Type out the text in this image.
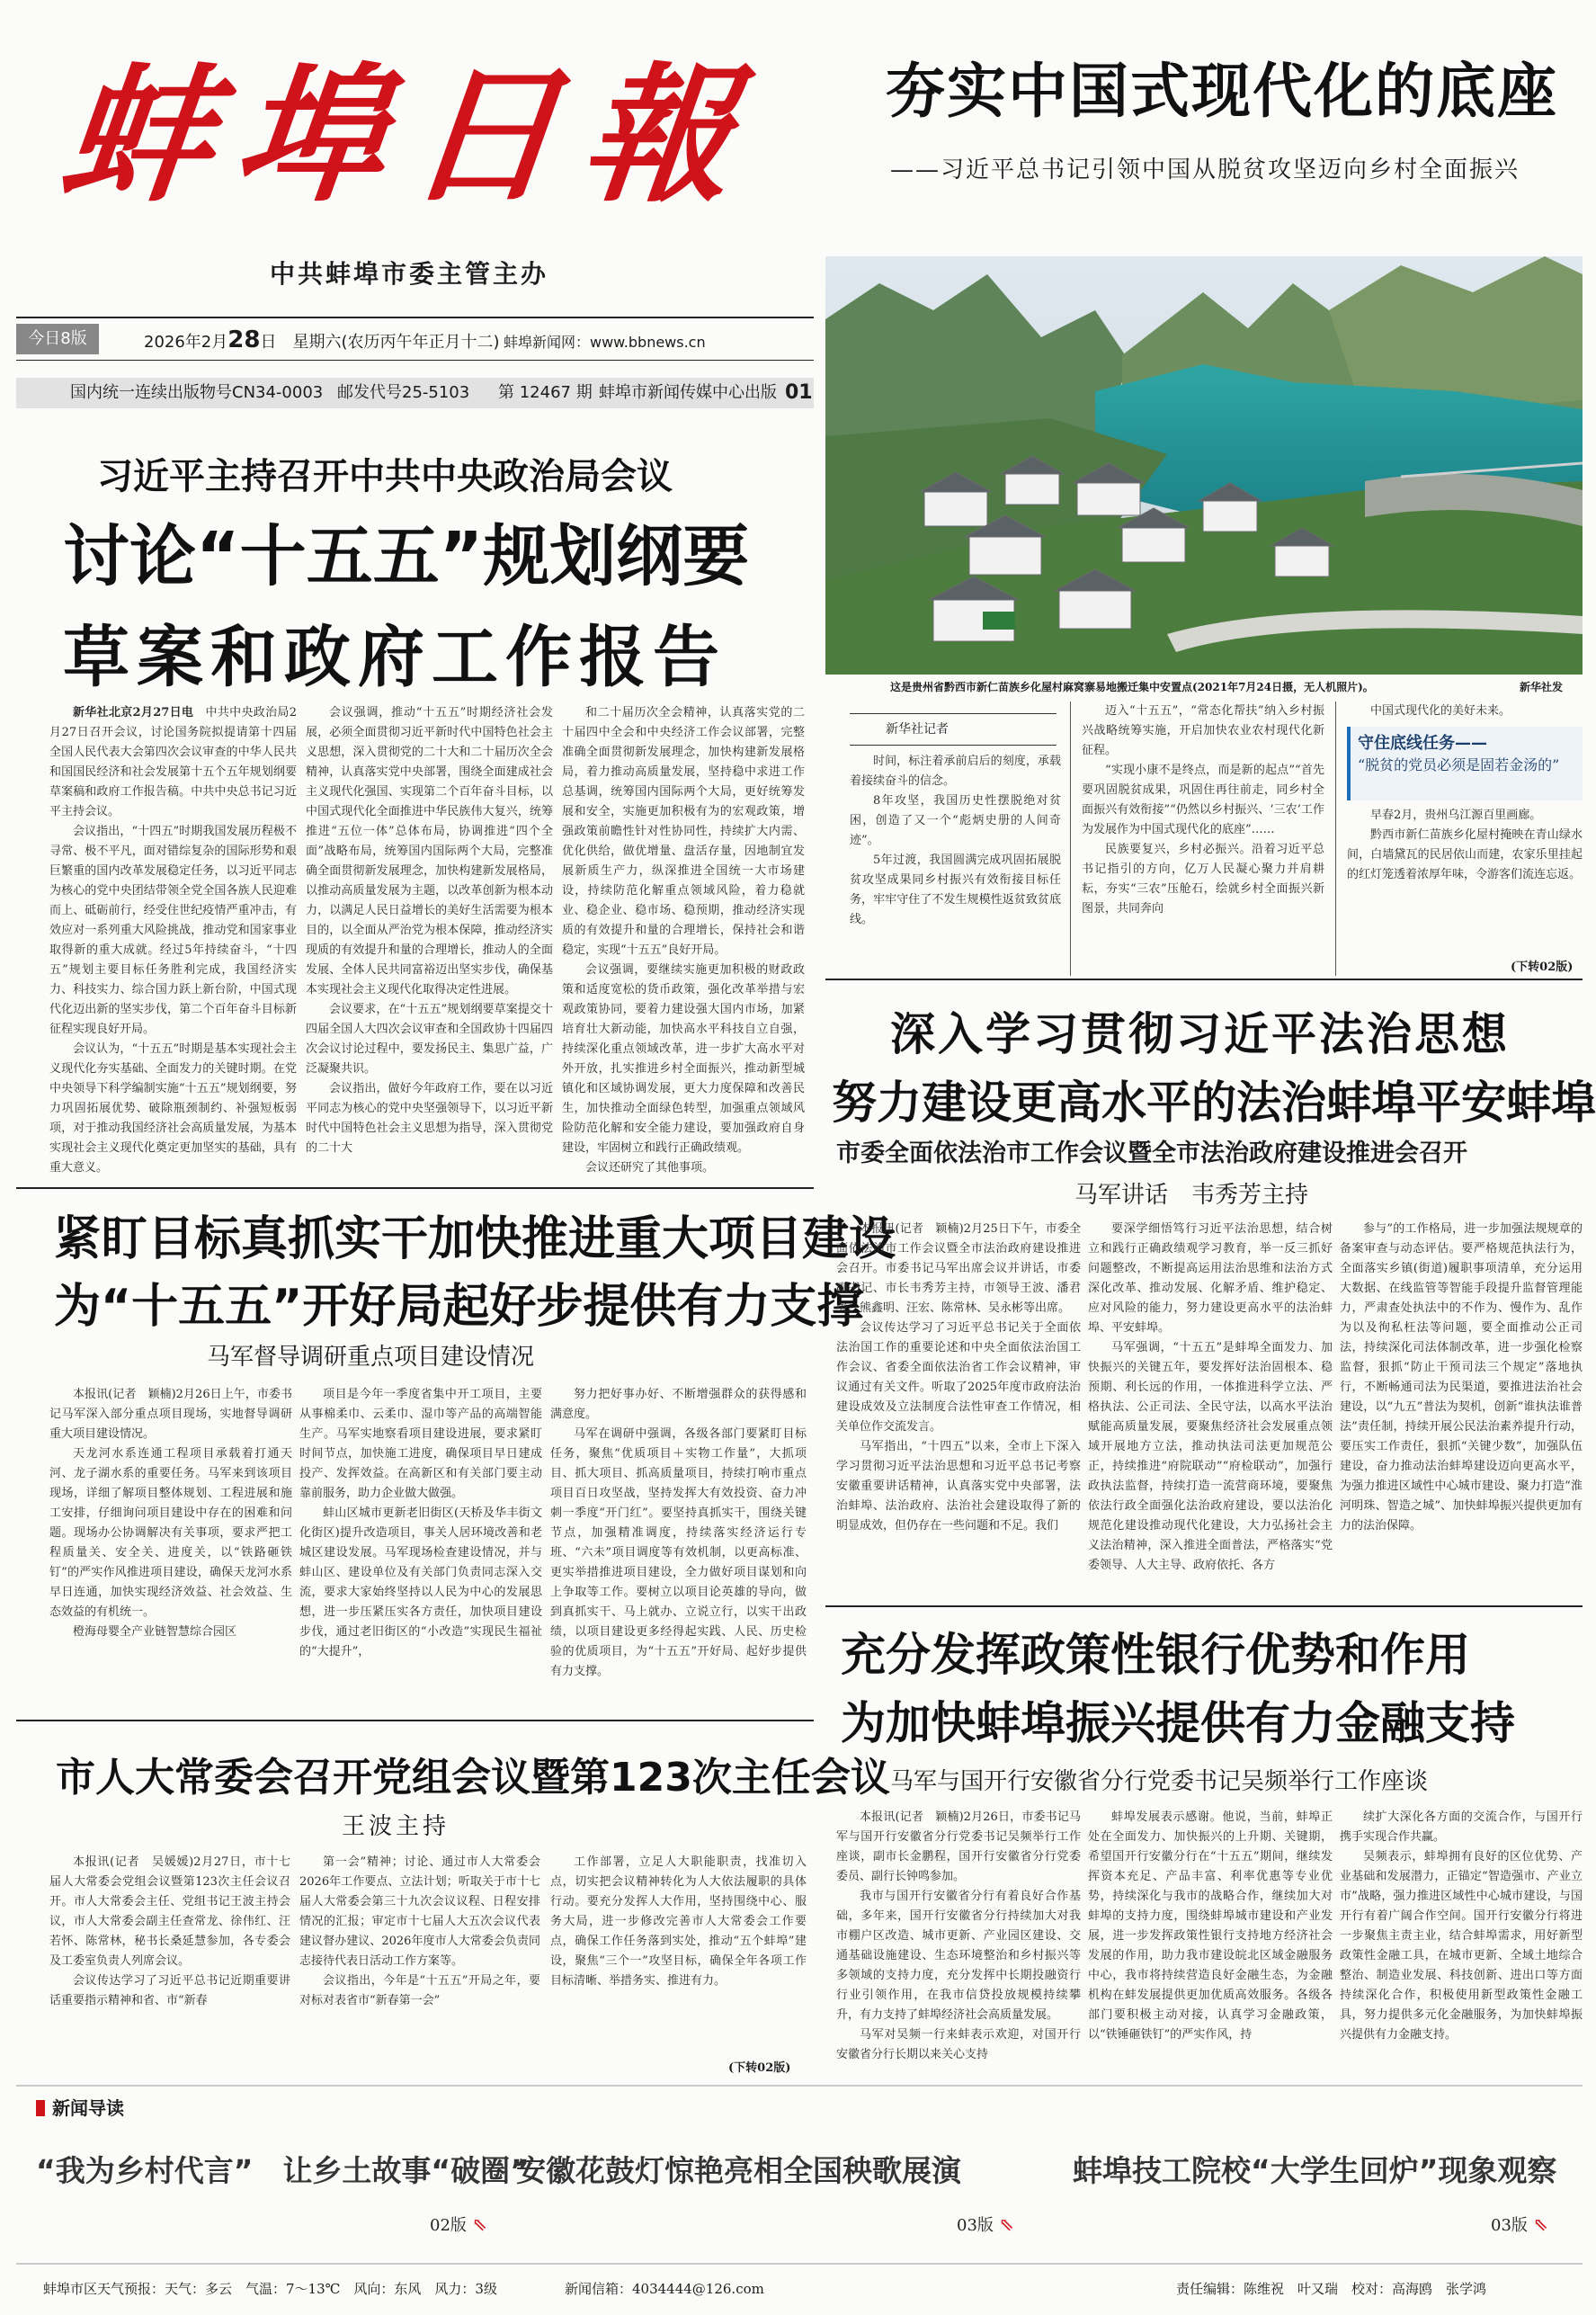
蚌埠日報
中共蚌埠市委主管主办
今日8版	2026年2月28日　星期六(农历丙午年正月十二) 蚌埠新闻网：www.bbnews.cn
国内统一连续出版物号CN34-0003 邮发代号25-5103 第 12467 期 蚌埠市新闻传媒中心出版 01
夯实中国式现代化的底座
——习近平总书记引领中国从脱贫攻坚迈向乡村全面振兴
这是贵州省黔西市新仁苗族乡化屋村麻窝寨易地搬迁集中安置点(2021年7月24日摄，无人机照片)。	新华社发
新华社记者

时间，标注着承前启后的刻度，承载着接续奋斗的信念。

8年攻坚，我国历史性摆脱绝对贫困，创造了又一个“彪炳史册的人间奇迹”。

5年过渡，我国圆满完成巩固拓展脱贫攻坚成果同乡村振兴有效衔接目标任务，牢牢守住了不发生规模性返贫致贫底线。

迈入“十五五”，“常态化帮扶”纳入乡村振兴战略统筹实施，开启加快农业农村现代化新征程。

“实现小康不是终点，而是新的起点”“首先要巩固脱贫成果，巩固住再往前走，同乡村全面振兴有效衔接”“仍然以乡村振兴、‘三农’工作为发展作为中国式现代化的底座”……

民族要复兴，乡村必振兴。沿着习近平总书记指引的方向，亿万人民凝心聚力并肩耕耘，夯实“三农”压舱石，绘就乡村全面振兴新图景，共同奔向

中国式现代化的美好未来。

守住底线任务——
“脱贫的党员必须是固若金汤的”

早春2月，贵州乌江源百里画廊。

黔西市新仁苗族乡化屋村掩映在青山绿水间，白墙黛瓦的民居依山而建，农家乐里挂起的红灯笼透着浓厚年味，令游客们流连忘返。

(下转02版)
习近平主持召开中共中央政治局会议
讨论“十五五”规划纲要
草案和政府工作报告

新华社北京2月27日电　 中共中央政治局2月27日召开会议，讨论国务院拟提请第十四届全国人民代表大会第四次会议审查的中华人民共和国国民经济和社会发展第十五个五年规划纲要草案稿和政府工作报告稿。中共中央总书记习近平主持会议。

会议指出，“十四五”时期我国发展历程极不寻常、极不平凡，面对错综复杂的国际形势和艰巨繁重的国内改革发展稳定任务，以习近平同志为核心的党中央团结带领全党全国各族人民迎难而上、砥砺前行，经受住世纪疫情严重冲击，有效应对一系列重大风险挑战，推动党和国家事业取得新的重大成就。经过5年持续奋斗，“十四五”规划主要目标任务胜利完成，我国经济实力、科技实力、综合国力跃上新台阶，中国式现代化迈出新的坚实步伐，第二个百年奋斗目标新征程实现良好开局。

会议认为，“十五五”时期是基本实现社会主义现代化夯实基础、全面发力的关键时期。在党中央领导下科学编制实施“十五五”规划纲要，努力巩固拓展优势、破除瓶颈制约、补强短板弱项，对于推动我国经济社会高质量发展，为基本实现社会主义现代化奠定更加坚实的基础，具有重大意义。

会议强调，推动“十五五”时期经济社会发展，必须全面贯彻习近平新时代中国特色社会主义思想，深入贯彻党的二十大和二十届历次全会精神，认真落实党中央部署，围绕全面建成社会主义现代化强国、实现第二个百年奋斗目标，以中国式现代化全面推进中华民族伟大复兴，统筹推进“五位一体”总体布局，协调推进“四个全面”战略布局，统筹国内国际两个大局，完整准确全面贯彻新发展理念，加快构建新发展格局，以推动高质量发展为主题，以改革创新为根本动力，以满足人民日益增长的美好生活需要为根本目的，以全面从严治党为根本保障，推动经济实现质的有效提升和量的合理增长，推动人的全面发展、全体人民共同富裕迈出坚实步伐，确保基本实现社会主义现代化取得决定性进展。

会议要求，在“十五五”规划纲要草案提交十四届全国人大四次会议审查和全国政协十四届四次会议讨论过程中，要发扬民主、集思广益，广泛凝聚共识。

会议指出，做好今年政府工作，要在以习近平同志为核心的党中央坚强领导下，以习近平新时代中国特色社会主义思想为指导，深入贯彻党的二十大

和二十届历次全会精神，认真落实党的二十届四中全会和中央经济工作会议部署，完整准确全面贯彻新发展理念，加快构建新发展格局，着力推动高质量发展，坚持稳中求进工作总基调，统筹国内国际两个大局，更好统筹发展和安全，实施更加积极有为的宏观政策，增强政策前瞻性针对性协同性，持续扩大内需、优化供给，做优增量、盘活存量，因地制宜发展新质生产力，纵深推进全国统一大市场建设，持续防范化解重点领域风险，着力稳就业、稳企业、稳市场、稳预期，推动经济实现质的有效提升和量的合理增长，保持社会和谐稳定，实现“十五五”良好开局。

会议强调，要继续实施更加积极的财政政策和适度宽松的货币政策，强化改革举措与宏观政策协同，要着力建设强大国内市场，加紧培育壮大新动能，加快高水平科技自立自强，持续深化重点领域改革，进一步扩大高水平对外开放，扎实推进乡村全面振兴，推动新型城镇化和区域协调发展，更大力度保障和改善民生，加快推动全面绿色转型，加强重点领域风险防范化解和安全能力建设，要加强政府自身建设，牢固树立和践行正确政绩观。

会议还研究了其他事项。

紧盯目标真抓实干加快推进重大项目建设
为“十五五”开好局起好步提供有力支撑
马军督导调研重点项目建设情况

本报讯(记者　颖楠)2月26日上午，市委书记马军深入部分重点项目现场，实地督导调研重大项目建设情况。

天龙河水系连通工程项目承载着打通天河、龙子湖水系的重要任务。马军来到该项目现场，详细了解项目整体规划、工程进展和施工安排，仔细询问项目建设中存在的困难和问题。现场办公协调解决有关事项，要求严把工程质量关、安全关、进度关，以“铁路砸铁钉”的严实作风推进项目建设，确保天龙河水系早日连通，加快实现经济效益、社会效益、生态效益的有机统一。

橙海母婴全产业链智慧综合园区

项目是今年一季度省集中开工项目，主要从事棉柔巾、云柔巾、湿巾等产品的高端智能生产。马军实地察看项目建设进展，要求紧盯时间节点，加快施工进度，确保项目早日建成投产、发挥效益。在高新区和有关部门要主动靠前服务，助力企业做大做强。

蚌山区城市更新老旧街区(天桥及华丰街文化街区)提升改造项目，事关人居环境改善和老城区建设发展。马军现场检查建设情况，并与蚌山区、建设单位及有关部门负责同志深入交流，要求大家始终坚持以人民为中心的发展思想，进一步压紧压实各方责任，加快项目建设步伐，通过老旧街区的“小改造”实现民生福祉的“大提升”，

努力把好事办好、不断增强群众的获得感和满意度。

马军在调研中强调，各级各部门要紧盯目标任务，聚焦“优质项目＋实物工作量”，大抓项目、抓大项目、抓高质量项目，持续打响市重点项目百日攻坚战，坚持发挥大有效投资、奋力冲刺一季度“开门红”。要坚持真抓实干，围绕关键节点，加强精准调度，持续落实经济运行专班、“六未”项目调度等有效机制，以更高标准、更实举措推进项目建设，全力做好项目谋划和向上争取等工作。要树立以项目论英雄的导向，做到真抓实干、马上就办、立说立行，以实干出政绩，以项目建设更多经得起实践、人民、历史检验的优质项目，为“十五五”开好局、起好步提供有力支撑。

市人大常委会召开党组会议暨第123次主任会议
王波主持

本报讯(记者　吴媛媛)2月27日，市十七届人大常委会党组会议暨第123次主任会议召开。市人大常委会主任、党组书记王波主持会议，市人大常委会副主任查常龙、徐伟红、汪若怀、陈常林，秘书长桑延慧参加，各专委会及工委室负责人列席会议。

会议传达学习了习近平总书记近期重要讲话重要指示精神和省、市“新春

第一会”精神；讨论、通过市人大常委会2026年工作要点、立法计划；听取关于市十七届人大常委会第三十九次会议议程、日程安排情况的汇报；审定市十七届人大五次会议代表建议督办建议、2026年度市人大常委会负责同志接待代表日活动工作方案等。

会议指出，今年是“十五五”开局之年，要对标对表省市“新春第一会”

工作部署，立足人大职能职责，找准切入点，切实把会议精神转化为人大依法履职的具体行动。要充分发挥人大作用，坚持围绕中心、服务大局，进一步修改完善市人大常委会工作要点，确保工作任务落到实处，推动“五个蚌埠”建设，聚焦“三个一”攻坚目标，确保全年各项工作目标清晰、举措务实、推进有力。

(下转02版)
深入学习贯彻习近平法治思想
努力建设更高水平的法治蚌埠平安蚌埠
市委全面依法治市工作会议暨全市法治政府建设推进会召开
马军讲话　韦秀芳主持

本报讯(记者　颖楠)2月25日下午，市委全面依法治市工作会议暨全市法治政府建设推进会召开。市委书记马军出席会议并讲话，市委副书记、市长韦秀芳主持，市领导王波、潘君关、熊鑫明、汪宏、陈常林、吴永彬等出席。

会议传达学习了习近平总书记关于全面依法治国工作的重要论述和中央全面依法治国工作会议、省委全面依法治省工作会议精神，审议通过有关文件。听取了2025年度市政府法治建设成效及立法制度合法性审查工作情况，相关单位作交流发言。

马军指出，“十四五”以来，全市上下深入学习贯彻习近平法治思想和习近平总书记考察安徽重要讲话精神，认真落实党中央部署，法治蚌埠、法治政府、法治社会建设取得了新的明显成效，但仍存在一些问题和不足。我们

要深学细悟笃行习近平法治思想，结合树立和践行正确政绩观学习教育，举一反三抓好问题整改，不断提高运用法治思维和法治方式深化改革、推动发展、化解矛盾、维护稳定、应对风险的能力，努力建设更高水平的法治蚌埠、平安蚌埠。

马军强调，“十五五”是蚌埠全面发力、加快振兴的关键五年，要发挥好法治固根本、稳预期、利长远的作用，一体推进科学立法、严格执法、公正司法、全民守法，以高水平法治赋能高质量发展，要聚焦经济社会发展重点领域开展地方立法，推动执法司法更加规范公正，持续推进“府院联动”“府检联动”，加强行政执法监督，持续打造一流营商环境，要聚焦依法行政全面强化法治政府建设，要以法治化规范化建设推动现代化建设，大力弘扬社会主义法治精神，深入推进全面普法，严格落实“党委领导、人大主导、政府依托、各方

参与”的工作格局，进一步加强法规规章的备案审查与动态评估。要严格规范执法行为，全面落实乡镇(街道)履职事项清单，充分运用大数据、在线监管等智能手段提升监督管理能力，严肃查处执法中的不作为、慢作为、乱作为以及徇私枉法等问题，要全面推动公正司法，持续深化司法体制改革，进一步强化检察监督，狠抓“防止干预司法三个规定”落地执行，不断畅通司法为民渠道，要推进法治社会建设，以“九五”普法为契机，创新“谁执法谁普法”责任制，持续开展公民法治素养提升行动，要压实工作责任，狠抓“关键少数”，加强队伍建设，奋力推动法治蚌埠建设迈向更高水平，为强力推进区域性中心城市建设、聚力打造“淮河明珠、智造之城”、加快蚌埠振兴提供更加有力的法治保障。

充分发挥政策性银行优势和作用
为加快蚌埠振兴提供有力金融支持
马军与国开行安徽省分行党委书记吴频举行工作座谈

本报讯(记者　颖楠)2月26日，市委书记马军与国开行安徽省分行党委书记吴频举行工作座谈，副市长金鹏程，国开行安徽省分行党委委员、副行长钟鸣参加。

我市与国开行安徽省分行有着良好合作基础，多年来，国开行安徽省分行持续加大对我市棚户区改造、城市更新、产业园区建设、交通基础设施建设、生态环境整治和乡村振兴等多领域的支持力度，充分发挥中长期投融资行行业引领作用，在我市信贷投放规模持续攀升，有力支持了蚌埠经济社会高质量发展。

马军对吴频一行来蚌表示欢迎，对国开行安徽省分行长期以来关心支持

蚌埠发展表示感谢。他说，当前，蚌埠正处在全面发力、加快振兴的上升期、关键期，希望国开行安徽分行在“十五五”期间，继续发挥资本充足、产品丰富、利率优惠等专业优势，持续深化与我市的战略合作，继续加大对蚌埠的支持力度，围绕蚌埠城市建设和产业发展，进一步发挥政策性银行支持地方经济社会发展的作用，助力我市建设皖北区域金融服务中心，我市将持续营造良好金融生态，为金融机构在蚌发展提供更加优质高效服务。各级各部门要积极主动对接，认真学习金融政策，以“铁锤砸铁钉”的严实作风，持

续扩大深化各方面的交流合作，与国开行携手实现合作共赢。

吴频表示，蚌埠拥有良好的区位优势、产业基础和发展潜力，正锚定“智造强市、产业立市”战略，强力推进区域性中心城市建设，与国开行有着广阔合作空间。国开行安徽分行将进一步聚焦主责主业，结合蚌埠需求，用好新型政策性金融工具，在城市更新、全域土地综合整治、制造业发展、科技创新、进出口等方面持续深化合作，积极使用新型政策性金融工具，努力提供多元化金融服务，为加快蚌埠振兴提供有力金融支持。

新闻导读
“我为乡村代言”　让乡土故事“破圈”
安徽花鼓灯惊艳亮相全国秧歌展演	蚌埠技工院校“大学生回炉”现象观察
02版 ⇖	03版 ⇖	03版 ⇖
蚌埠市区天气预报：天气：多云　气温：7～13℃　风向：东风　风力：3级	新闻信箱：4034444@126.com	责任编辑：陈维祝　叶又瑞　校对：高海鸥　张学鸿
